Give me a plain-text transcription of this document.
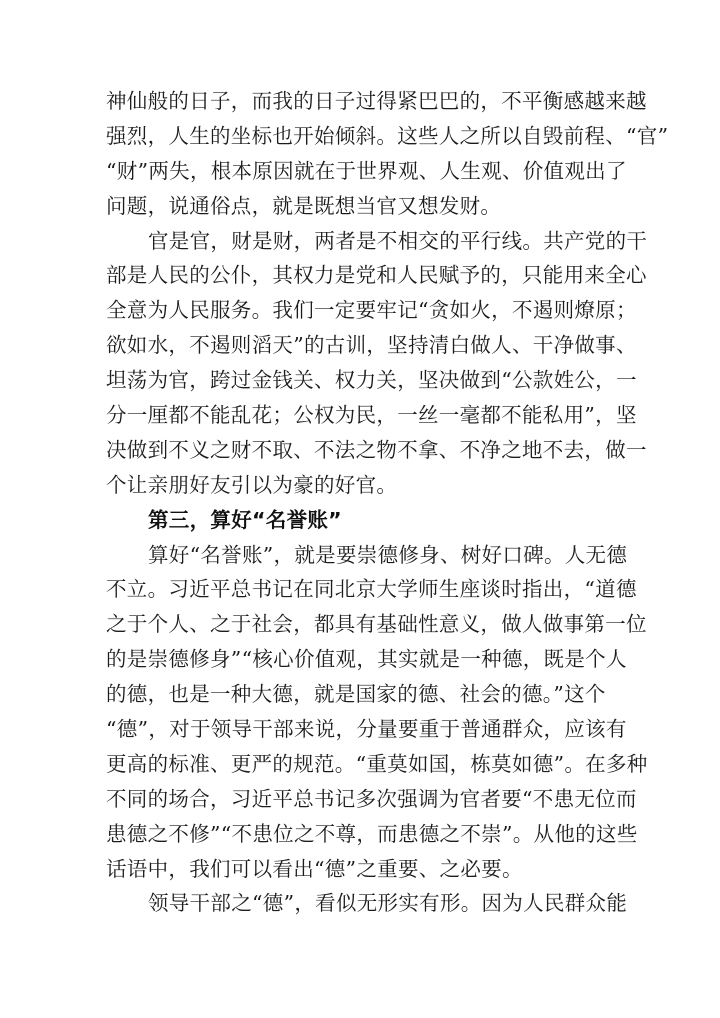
神仙般的日子，而我的日子过得紧巴巴的，不平衡感越来越
强烈，人生的坐标也开始倾斜。这些人之所以自毁前程、“官”
“财”两失，根本原因就在于世界观、人生观、价值观出了
问题，说通俗点，就是既想当官又想发财。
官是官，财是财，两者是不相交的平行线。共产党的干
部是人民的公仆，其权力是党和人民赋予的，只能用来全心
全意为人民服务。我们一定要牢记“贪如火，不遏则燎原；
欲如水，不遏则滔天”的古训，坚持清白做人、干净做事、
坦荡为官，跨过金钱关、权力关，坚决做到“公款姓公，一
分一厘都不能乱花；公权为民，一丝一毫都不能私用”，坚
决做到不义之财不取、不法之物不拿、不净之地不去，做一
个让亲朋好友引以为豪的好官。
第三，算好“名誉账”
算好“名誉账”，就是要崇德修身、树好口碑。人无德
不立。习近平总书记在同北京大学师生座谈时指出，“道德
之于个人、之于社会，都具有基础性意义，做人做事第一位
的是崇德修身”“核心价值观，其实就是一种德，既是个人
的德，也是一种大德，就是国家的德、社会的德。”这个
“德”，对于领导干部来说，分量要重于普通群众，应该有
更高的标准、更严的规范。“重莫如国，栋莫如德”。在多种
不同的场合，习近平总书记多次强调为官者要“不患无位而
患德之不修”“不患位之不尊，而患德之不崇”。从他的这些
话语中，我们可以看出“德”之重要、之必要。
领导干部之“德”，看似无形实有形。因为人民群众能
